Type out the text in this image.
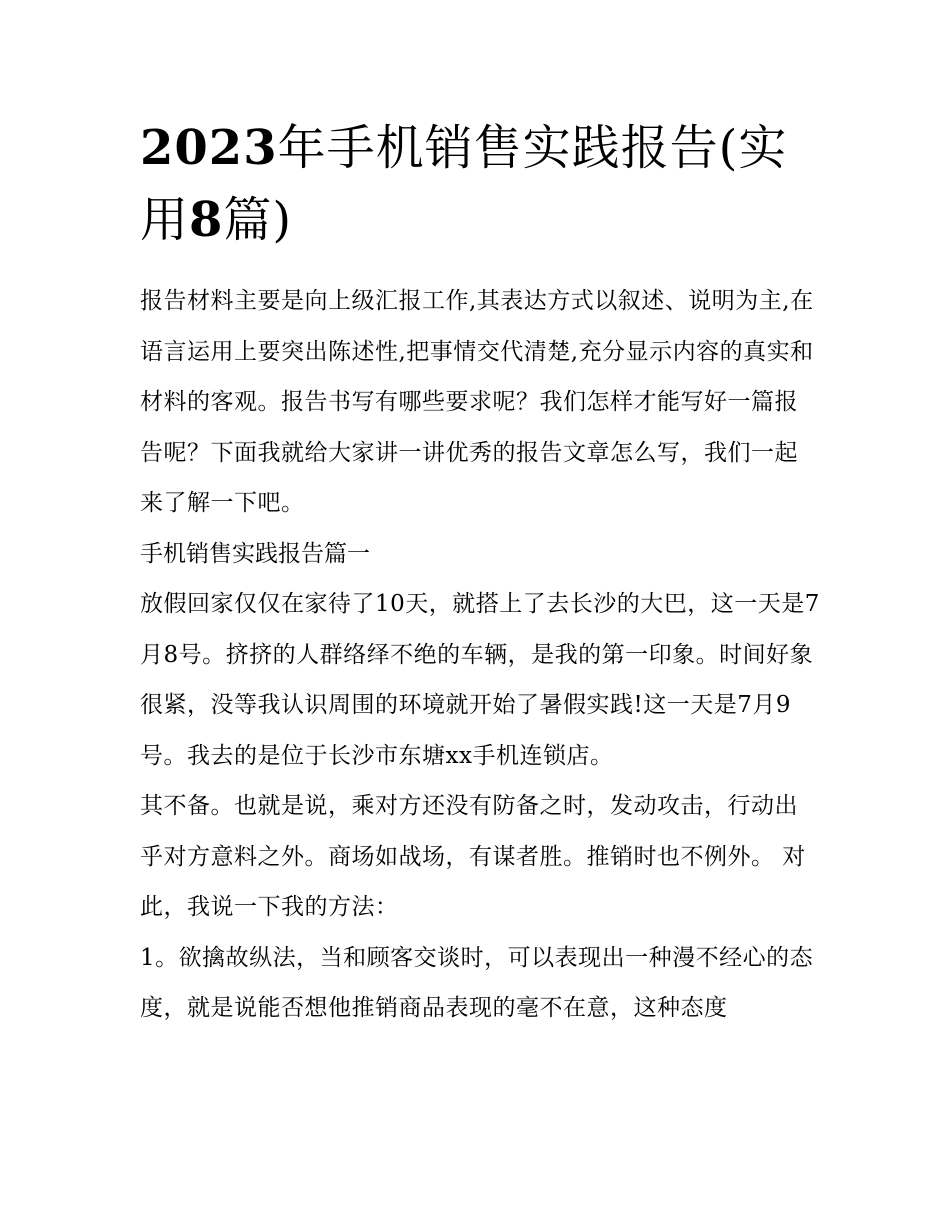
2023年手机销售实践报告(实
用8篇)

报告材料主要是向上级汇报工作,其表达方式以叙述、说明为主,在语言运用上要突出陈述性,把事情交代清楚,充分显示内容的真实和材料的客观。报告书写有哪些要求呢？我们怎样才能写好一篇报告呢？下面我就给大家讲一讲优秀的报告文章怎么写，我们一起来了解一下吧。

手机销售实践报告篇一

放假回家仅仅在家待了10天，就搭上了去长沙的大巴，这一天是7月8号。挤挤的人群络绎不绝的车辆，是我的第一印象。时间好象很紧，没等我认识周围的环境就开始了暑假实践!这一天是7月9号。我去的是位于长沙市东塘xx手机连锁店。

其不备。也就是说，乘对方还没有防备之时，发动攻击，行动出乎对方意料之外。商场如战场，有谋者胜。推销时也不例外。 对此，我说一下我的方法：

1。欲擒故纵法，当和顾客交谈时，可以表现出一种漫不经心的态度，就是说能否想他推销商品表现的毫不在意，这种态度
